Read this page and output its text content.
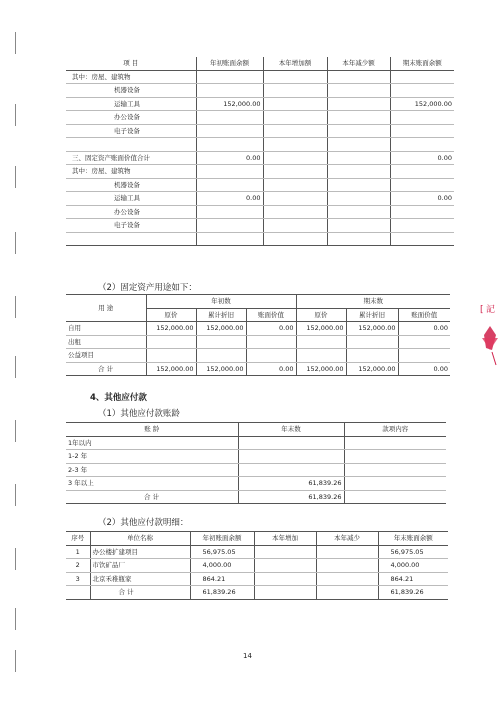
项 目	年初账面余额	本年增加额	本年减少额	期末账面余额
其中：房屋、建筑物				
机器设备				
运输工具	152,000.00			152,000.00
办公设备				
电子设备				

三、固定资产账面价值合计	0.00			0.00
其中：房屋、建筑物				
机器设备				
运输工具	0.00			0.00
办公设备				
电子设备				

（2）固定资产用途如下：
用 途	年初数			期末数		
	原价	累计折旧	账面价值	原价	累计折旧	账面价值
自用	152,000.00	152,000.00	0.00	152,000.00	152,000.00	0.00
出租						
公益项目						
合 计	152,000.00	152,000.00	0.00	152,000.00	152,000.00	0.00
4、其他应付款
（1）其他应付款账龄
账 龄	年末数	款项内容
1年以内		
1-2 年		
2-3 年		
3 年以上	61,839.26	
合 计	61,839.26	
（2）其他应付款明细：
序号	单位名称	年初账面余额	本年增加	本年减少	年末账面余额
1	办公楼扩建项目	56,975.05			56,975.05
2	市饮矿品厂	4,000.00			4,000.00
3	北京禾稚瓶家	864.21			864.21
	合 计	61,839.26			61,839.26
14
[ 記
